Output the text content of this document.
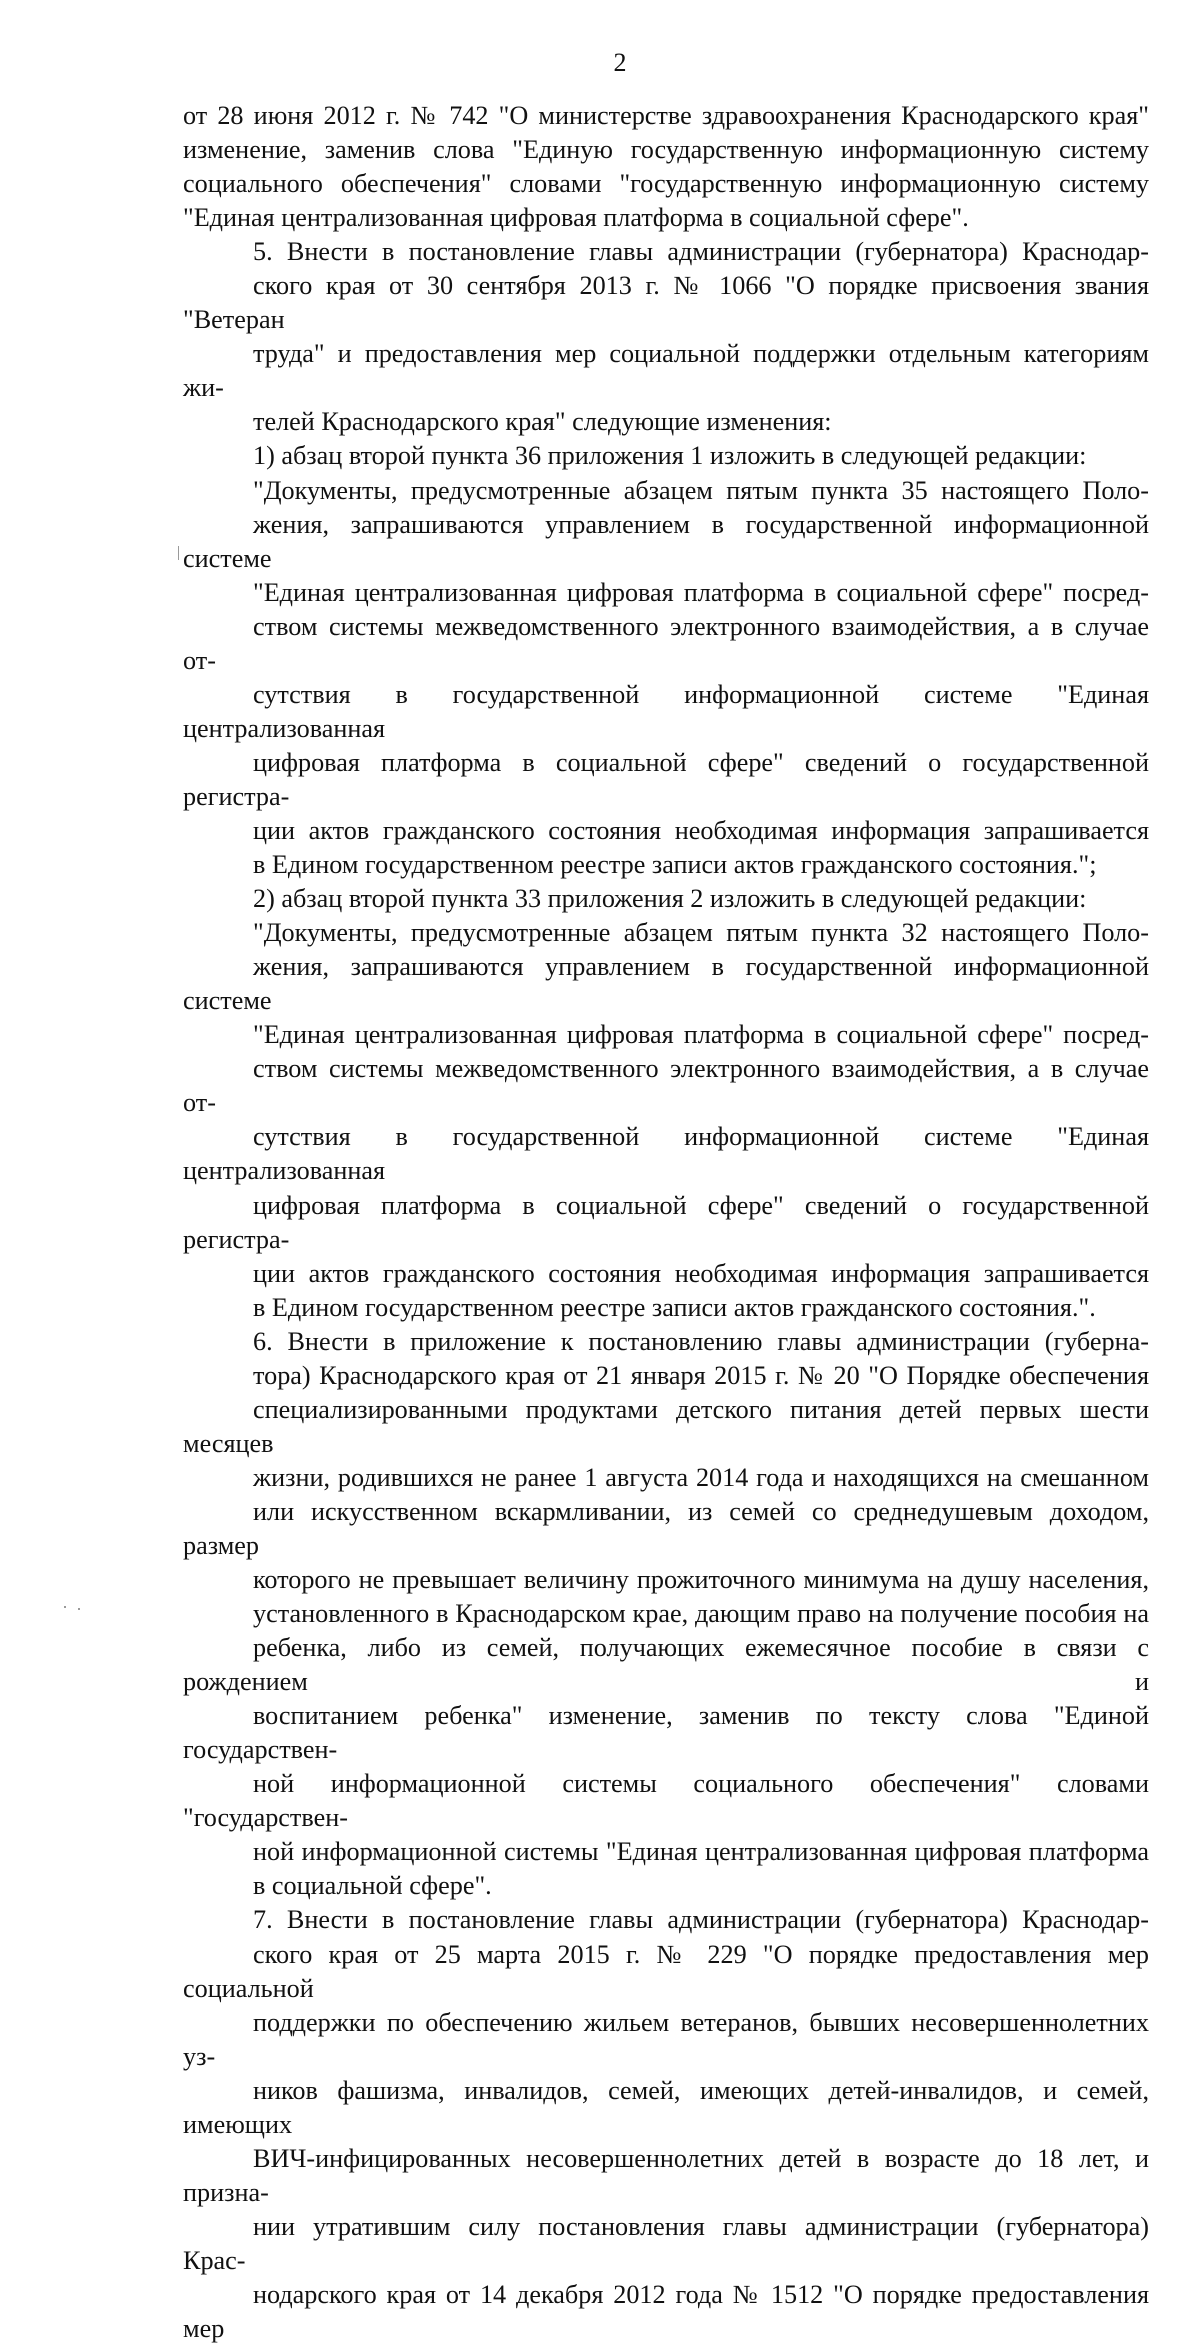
2

от 28 июня 2012 г. № 742 "О министерстве здравоохранения Краснодарского края"
изменение, заменив слова "Единую государственную информационную систему
социального обеспечения" словами "государственную информационную систему
"Единая централизованная цифровая платформа в социальной сфере".

5. Внести в постановление главы администрации (губернатора) Краснодар-
ского края от 30 сентября 2013 г. № 1066 "О порядке присвоения звания "Ветеран
труда" и предоставления мер социальной поддержки отдельным категориям жи-
телей Краснодарского края" следующие изменения:

1) абзац второй пункта 36 приложения 1 изложить в следующей редакции:

"Документы, предусмотренные абзацем пятым пункта 35 настоящего Поло-
жения, запрашиваются управлением в государственной информационной системе
"Единая централизованная цифровая платформа в социальной сфере" посред-
ством системы межведомственного электронного взаимодействия, а в случае от-
сутствия в государственной информационной системе "Единая централизованная
цифровая платформа в социальной сфере" сведений о государственной регистра-
ции актов гражданского состояния необходимая информация запрашивается
в Едином государственном реестре записи актов гражданского состояния.";

2) абзац второй пункта 33 приложения 2 изложить в следующей редакции:

"Документы, предусмотренные абзацем пятым пункта 32 настоящего Поло-
жения, запрашиваются управлением в государственной информационной системе
"Единая централизованная цифровая платформа в социальной сфере" посред-
ством системы межведомственного электронного взаимодействия, а в случае от-
сутствия в государственной информационной системе "Единая централизованная
цифровая платформа в социальной сфере" сведений о государственной регистра-
ции актов гражданского состояния необходимая информация запрашивается
в Едином государственном реестре записи актов гражданского состояния.".

6. Внести в приложение к постановлению главы администрации (губерна-
тора) Краснодарского края от 21 января 2015 г. № 20 "О Порядке обеспечения
специализированными продуктами детского питания детей первых шести месяцев
жизни, родившихся не ранее 1 августа 2014 года и находящихся на смешанном
или искусственном вскармливании, из семей со среднедушевым доходом, размер
которого не превышает величину прожиточного минимума на душу населения,
установленного в Краснодарском крае, дающим право на получение пособия на
ребенка, либо из семей, получающих ежемесячное пособие в связи с рождением и
воспитанием ребенка" изменение, заменив по тексту слова "Единой государствен-
ной информационной системы социального обеспечения" словами "государствен-
ной информационной системы "Единая централизованная цифровая платформа
в социальной сфере".

7. Внести в постановление главы администрации (губернатора) Краснодар-
ского края от 25 марта 2015 г. № 229 "О порядке предоставления мер социальной
поддержки по обеспечению жильем ветеранов, бывших несовершеннолетних уз-
ников фашизма, инвалидов, семей, имеющих детей-инвалидов, и семей, имеющих
ВИЧ-инфицированных несовершеннолетних детей в возрасте до 18 лет, и призна-
нии утратившим силу постановления главы администрации (губернатора) Крас-
нодарского края от 14 декабря 2012 года № 1512 "О порядке предоставления мер
